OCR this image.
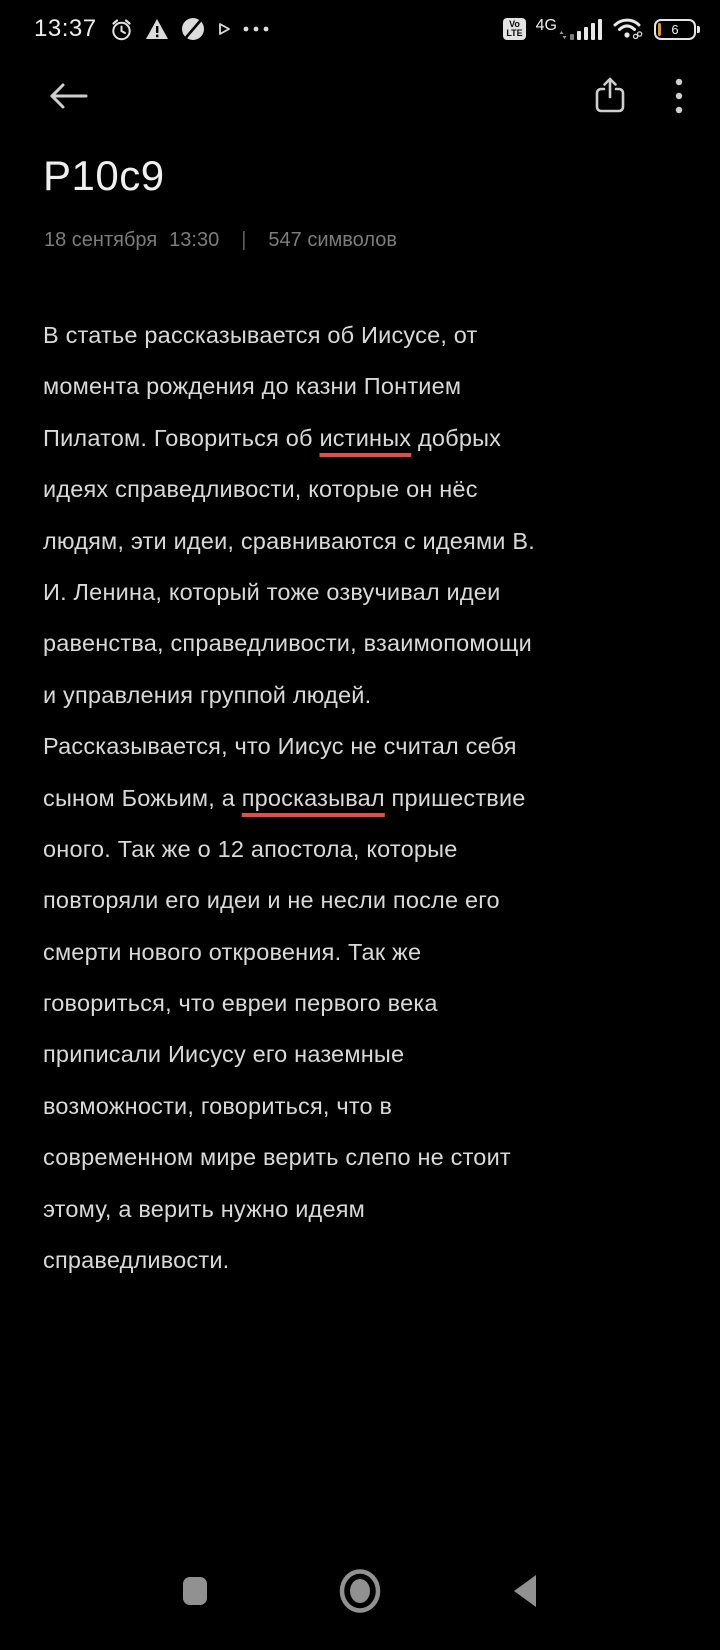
13:37	Vo
LTE 4G	6
P10c9
18 сентября 13:30 | 547 символов
В статье рассказывается об Иисусе, от
момента рождения до казни Понтием
Пилатом. Говориться об истиных добрых
идеях справедливости, которые он нёс
людям, эти идеи, сравниваются с идеями В.
И. Ленина, который тоже озвучивал идеи
равенства, справедливости, взаимопомощи
и управления группой людей.
Рассказывается, что Иисус не считал себя
сыном Божьим, а просказывал пришествие
оного. Так же о 12 апостола, которые
повторяли его идеи и не несли после его
смерти нового откровения. Так же
говориться, что евреи первого века
приписали Иисусу его наземные
возможности, говориться, что в
современном мире верить слепо не стоит
этому, а верить нужно идеям
справедливости.
